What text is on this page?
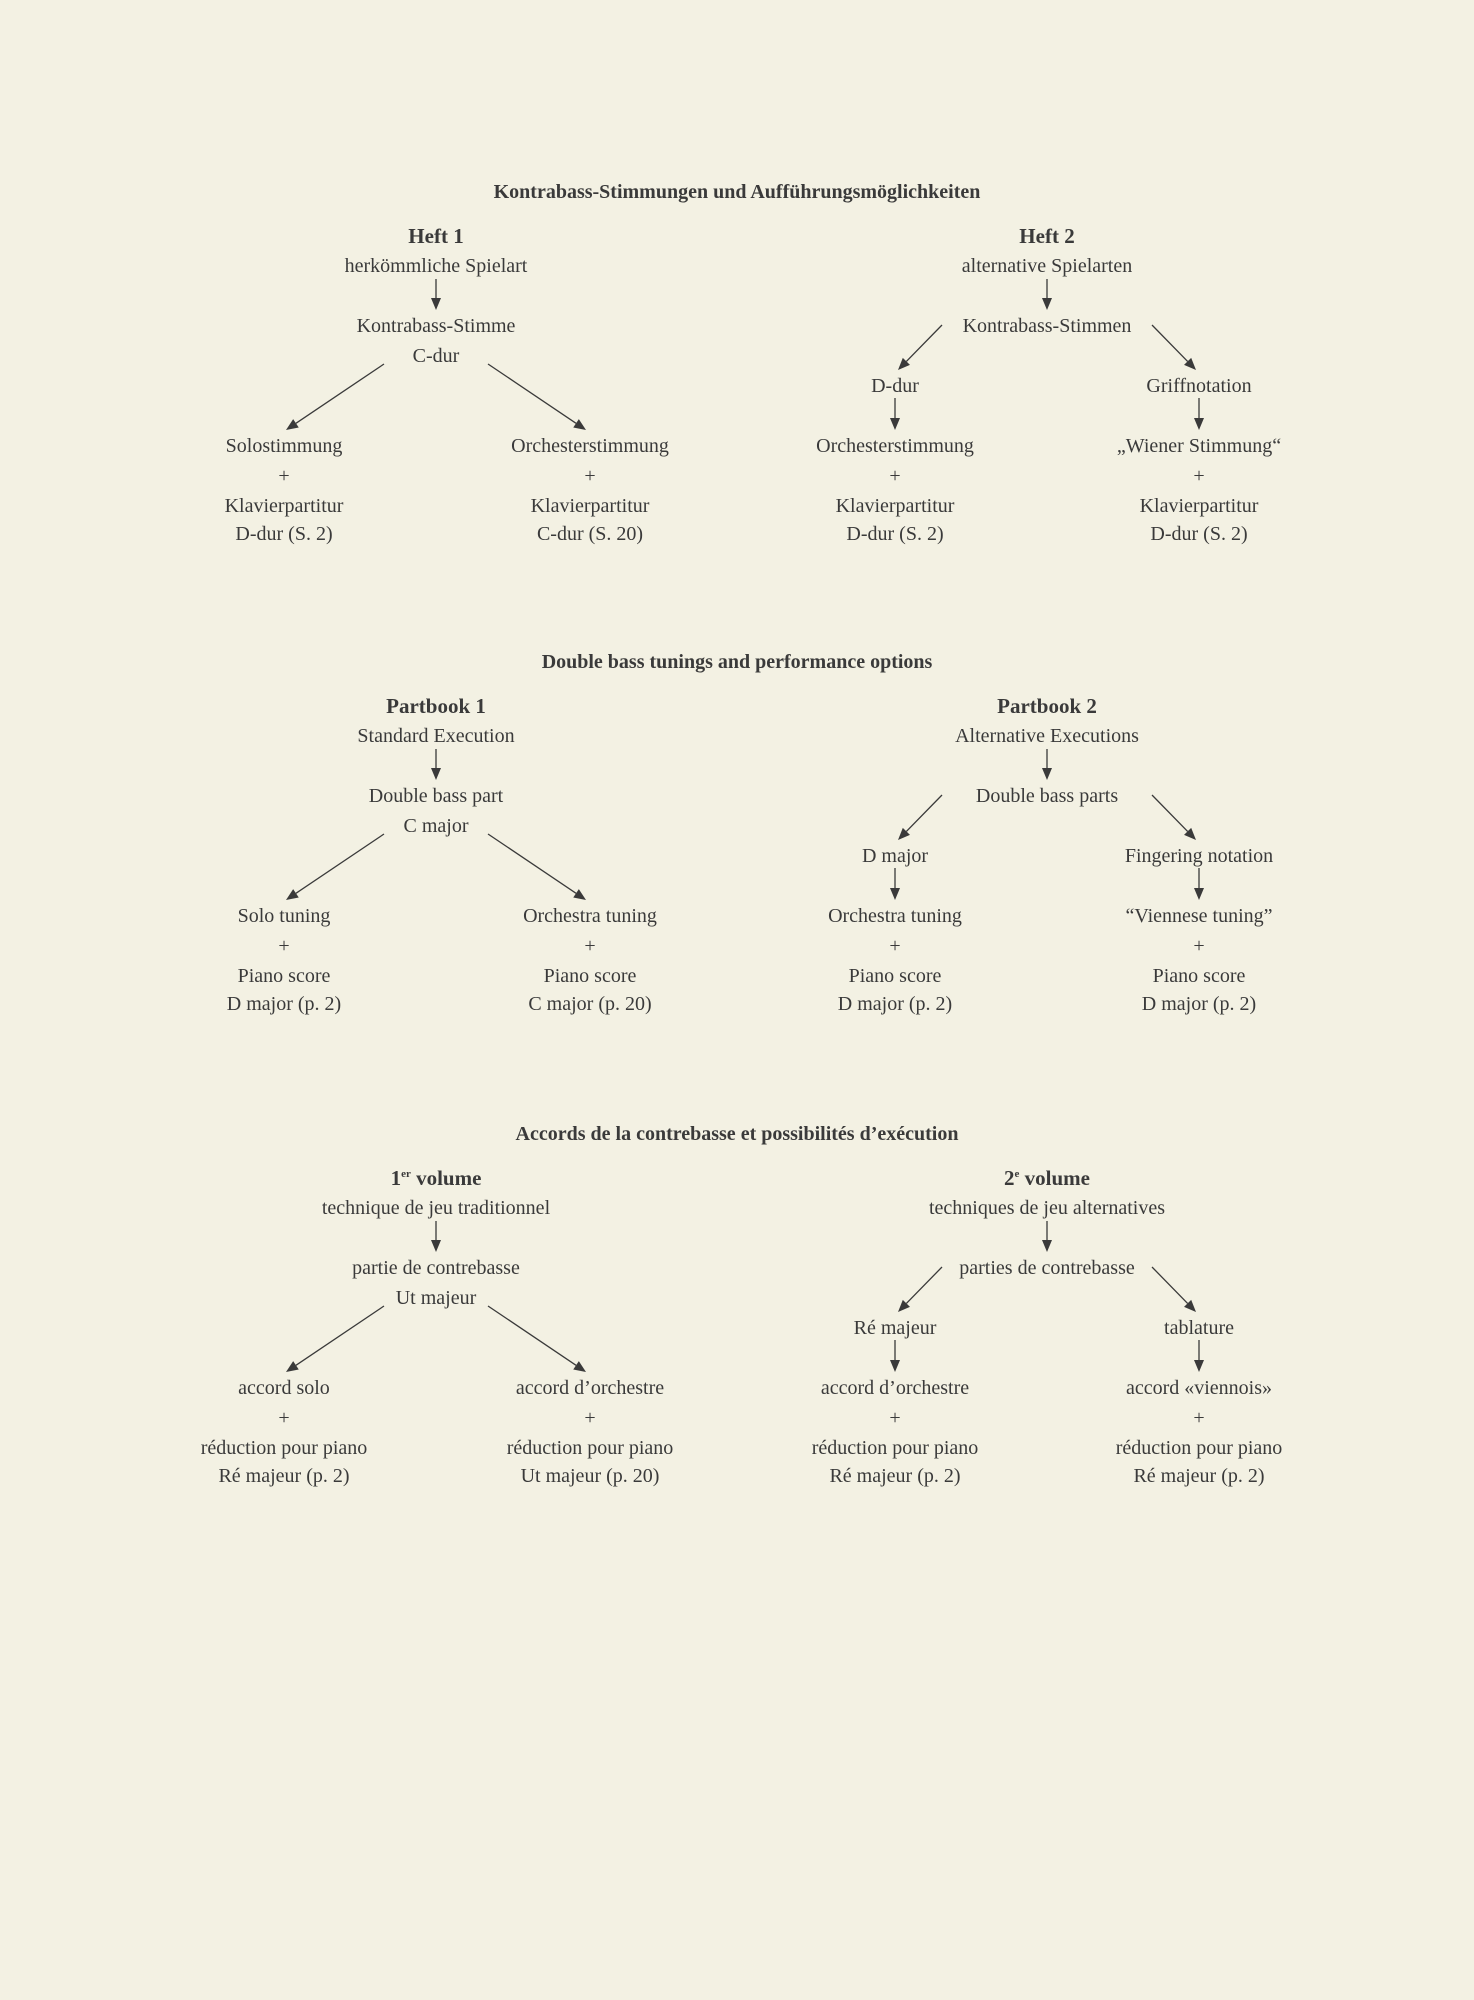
Kontrabass-Stimmungen und Aufführungsmöglichkeiten
Heft 1
herkömmliche Spielart
Kontrabass-Stimme
C-dur
Solostimmung
+
Klavierpartitur
D-dur (S. 2)
Orchesterstimmung
+
Klavierpartitur
C-dur (S. 20)
Heft 2
alternative Spielarten
Kontrabass-Stimmen
D-dur
Orchesterstimmung
+
Klavierpartitur
D-dur (S. 2)
Griffnotation
„Wiener Stimmung“
+
Klavierpartitur
D-dur (S. 2)
Double bass tunings and performance options
Partbook 1
Standard Execution
Double bass part
C major
Solo tuning
+
Piano score
D major (p. 2)
Orchestra tuning
+
Piano score
C major (p. 20)
Partbook 2
Alternative Executions
Double bass parts
D major
Orchestra tuning
+
Piano score
D major (p. 2)
Fingering notation
“Viennese tuning”
+
Piano score
D major (p. 2)
Accords de la contrebasse et possibilités d’exécution
1er volume
technique de jeu traditionnel
partie de contrebasse
Ut majeur
accord solo
+
réduction pour piano
Ré majeur (p. 2)
accord d’orchestre
+
réduction pour piano
Ut majeur (p. 20)
2e volume
techniques de jeu alternatives
parties de contrebasse
Ré majeur
accord d’orchestre
+
réduction pour piano
Ré majeur (p. 2)
tablature
accord «viennois»
+
réduction pour piano
Ré majeur (p. 2)
